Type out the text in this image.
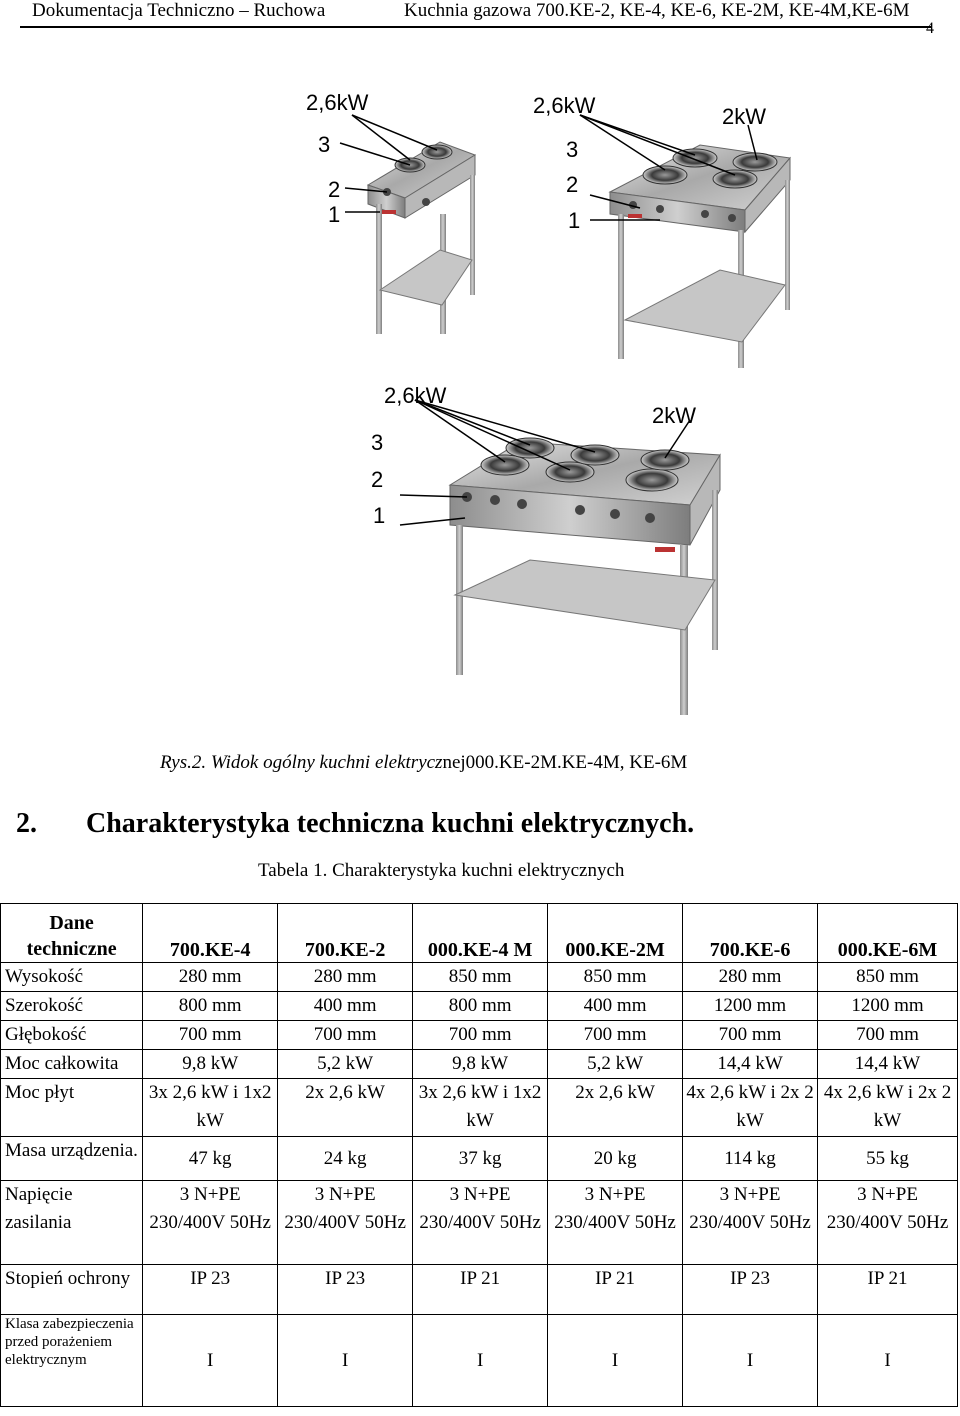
Dokumentacja Techniczno – Ruchowa	Kuchnia gazowa 700.KE-2, KE-4, KE-6, KE-2M, KE-4M,KE-6M
4
2,6kW
3
2
1
2,6kW	2kW
3
2
1
2,6kW
2kW
3
2
1
Rys.2. Widok ogólny kuchni elektrycznej000.KE-2M.KE-4M, KE-6M
2. Charakterystyka techniczna kuchni elektrycznych.
Tabela 1. Charakterystyka kuchni elektrycznych
Dane
techniczne	700.KE-4	700.KE-2	000.KE-4 M	000.KE-2M	700.KE-6	000.KE-6M
Wysokość	280 mm	280 mm	850 mm	850 mm	280 mm	850 mm
Szerokość	800 mm	400 mm	800 mm	400 mm	1200 mm	1200 mm
Głębokość	700 mm	700 mm	700 mm	700 mm	700 mm	700 mm
Moc całkowita	9,8 kW	5,2 kW	9,8 kW	5,2 kW	14,4 kW	14,4 kW
Moc płyt	3x 2,6 kW i 1x2 kW	2x 2,6 kW	3x 2,6 kW i 1x2 kW	2x 2,6 kW	4x 2,6 kW i 2x 2 kW	4x 2,6 kW i 2x 2 kW
Masa urządzenia.	47 kg	24 kg	37 kg	20 kg	114 kg	55 kg
Napięcie zasilania	3 N+PE 230/400V 50Hz	3 N+PE 230/400V 50Hz	3 N+PE 230/400V 50Hz	3 N+PE 230/400V 50Hz	3 N+PE 230/400V 50Hz	3 N+PE 230/400V 50Hz
Stopień ochrony	IP 23	IP 23	IP 21	IP 21	IP 23	IP 21
Klasa zabezpieczenia przed porażeniem elektrycznym	I	I	I	I	I	I
